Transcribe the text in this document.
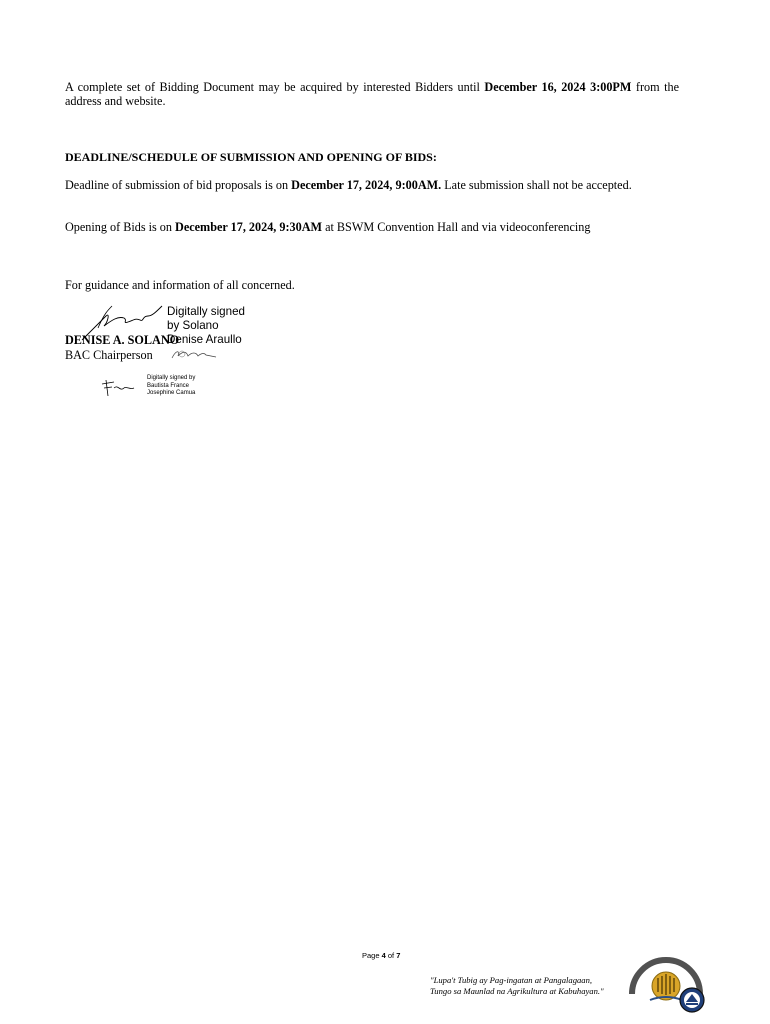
A complete set of Bidding Document may be acquired by interested Bidders until December 16, 2024 3:00PM from the address and website.
DEADLINE/SCHEDULE OF SUBMISSION AND OPENING OF BIDS:
Deadline of submission of bid proposals is on December 17, 2024, 9:00AM. Late submission shall not be accepted.
Opening of Bids is on December 17, 2024, 9:30AM at BSWM Convention Hall and via videoconferencing
For guidance and information of all concerned.
Digitally signed
by Solano
Denise Araullo
DENISE A. SOLANO
BAC Chairperson
Digitally signed by
Bautista France
Josephine Camua
Page 4 of 7
"Lupa't Tubig ay Pag-ingatan at Pangalagaan,
Tungo sa Maunlad na Agrikultura at Kabuhayan."
